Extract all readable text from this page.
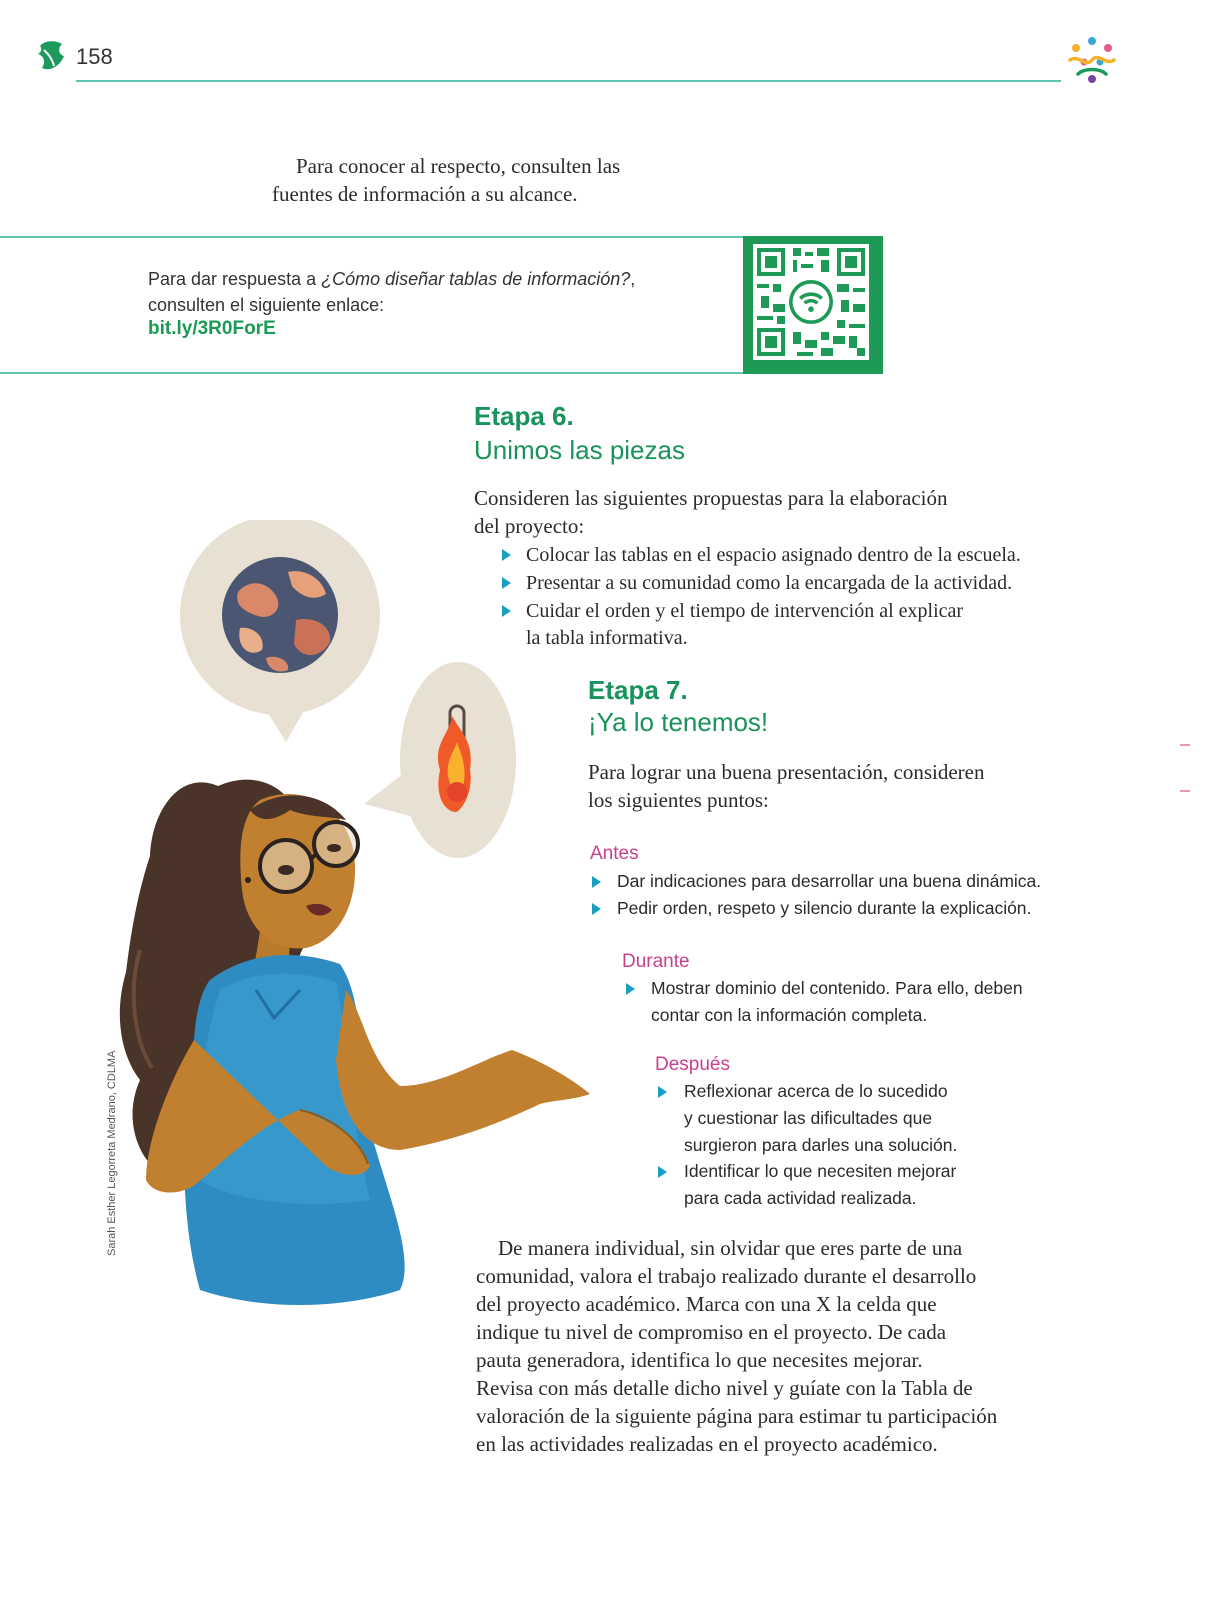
158
Para conocer al respecto, consulten las
fuentes de información a su alcance.
Para dar respuesta a ¿Cómo diseñar tablas de información?,
consulten el siguiente enlace:
bit.ly/3R0ForE
Etapa 6.
Unimos las piezas
Consideren las siguientes propuestas para la elaboración
del proyecto:
Colocar las tablas en el espacio asignado dentro de la escuela.
Presentar a su comunidad como la encargada de la actividad.
Cuidar el orden y el tiempo de intervención al explicar
la tabla informativa.
Etapa 7.
¡Ya lo tenemos!
Para lograr una buena presentación, consideren
los siguientes puntos:
Antes
Dar indicaciones para desarrollar una buena dinámica.
Pedir orden, respeto y silencio durante la explicación.
Durante
Mostrar dominio del contenido. Para ello, deben
contar con la información completa.
Después
Reflexionar acerca de lo sucedido
y cuestionar las dificultades que
surgieron para darles una solución.
Identificar lo que necesiten mejorar
para cada actividad realizada.
De manera individual, sin olvidar que eres parte de una
comunidad, valora el trabajo realizado durante el desarrollo
del proyecto académico. Marca con una X la celda que
indique tu nivel de compromiso en el proyecto. De cada
pauta generadora, identifica lo que necesites mejorar.
Revisa con más detalle dicho nivel y guíate con la Tabla de
valoración de la siguiente página para estimar tu participación
en las actividades realizadas en el proyecto académico.
Sarah Esther Legorreta Medrano, CDLMA
